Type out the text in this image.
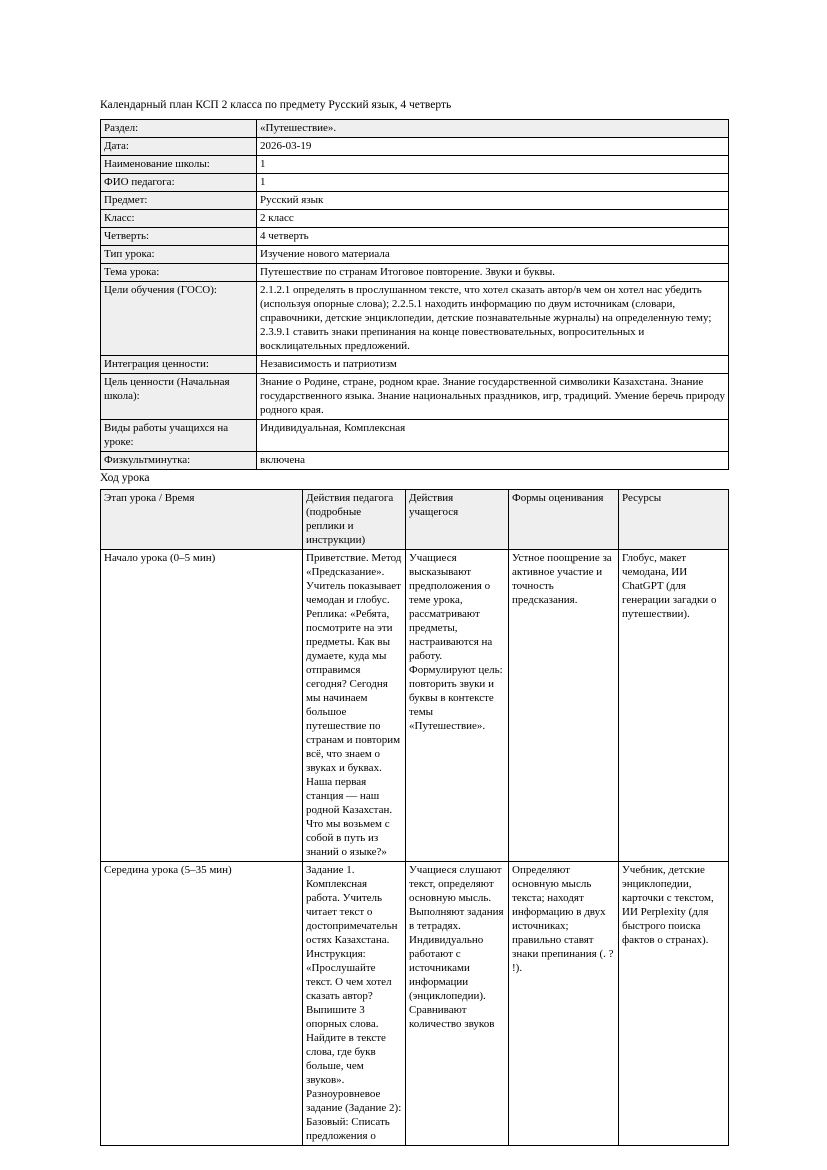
Календарный план КСП 2 класса по предмету Русский язык, 4 четверть
Раздел:	«Путешествие».
Дата:	2026-03-19
Наименование школы:	1
ФИО педагога:	1
Предмет:	Русский язык
Класс:	2 класс
Четверть:	4 четверть
Тип урока:	Изучение нового материала
Тема урока:	Путешествие по странам Итоговое повторение. Звуки и буквы.
Цели обучения (ГОСО):	2.1.2.1 определять в прослушанном тексте, что хотел сказать автор/в чем он хотел нас убедить (используя опорные слова); 2.2.5.1 находить информацию по двум источникам (словари, справочники, детские энциклопедии, детские познавательные журналы) на определенную тему; 2.3.9.1 ставить знаки препинания на конце повествовательных, вопросительных и восклицательных предложений.
Интеграция ценности:	Независимость и патриотизм
Цель ценности (Начальная школа):	Знание о Родине, стране, родном крае. Знание государственной символики Казахстана. Знание государственного языка. Знание национальных праздников, игр, традиций. Умение беречь природу родного края.
Виды работы учащихся на уроке:	Индивидуальная, Комплексная
Физкультминутка:	включена
Ход урока
Этап урока / Время	Действия педагога (подробные реплики и инструкции)	Действия учащегося	Формы оценивания	Ресурсы
Начало урока (0–5 мин)	Приветствие. Метод «Предсказание». Учитель показывает чемодан и глобус. Реплика: «Ребята, посмотрите на эти предметы. Как вы думаете, куда мы отправимся сегодня? Сегодня мы начинаем большое путешествие по странам и повторим всё, что знаем о звуках и буквах. Наша первая станция — наш родной Казахстан. Что мы возьмем с собой в путь из знаний о языке?»	Учащиеся высказывают предположения о теме урока, рассматривают предметы, настраиваются на работу. Формулируют цель: повторить звуки и буквы в контексте темы «Путешествие».	Устное поощрение за активное участие и точность предсказания.	Глобус, макет чемодана, ИИ ChatGPT (для генерации загадки о путешествии).
Середина урока (5–35 мин)	Задание 1. Комплексная работа. Учитель читает текст о достопримечательностях Казахстана. Инструкция: «Прослушайте текст. О чем хотел сказать автор? Выпишите 3 опорных слова. Найдите в тексте слова, где букв больше, чем звуков». Разноуровневое задание (Задание 2): Базовый: Списать предложения о	Учащиеся слушают текст, определяют основную мысль. Выполняют задания в тетрадях. Индивидуально работают с источниками информации (энциклопедии). Сравнивают количество звуков	Определяют основную мысль текста; находят информацию в двух источниках; правильно ставят знаки препинания (. ? !).	Учебник, детские энциклопедии, карточки с текстом, ИИ Perplexity (для быстрого поиска фактов о странах).
